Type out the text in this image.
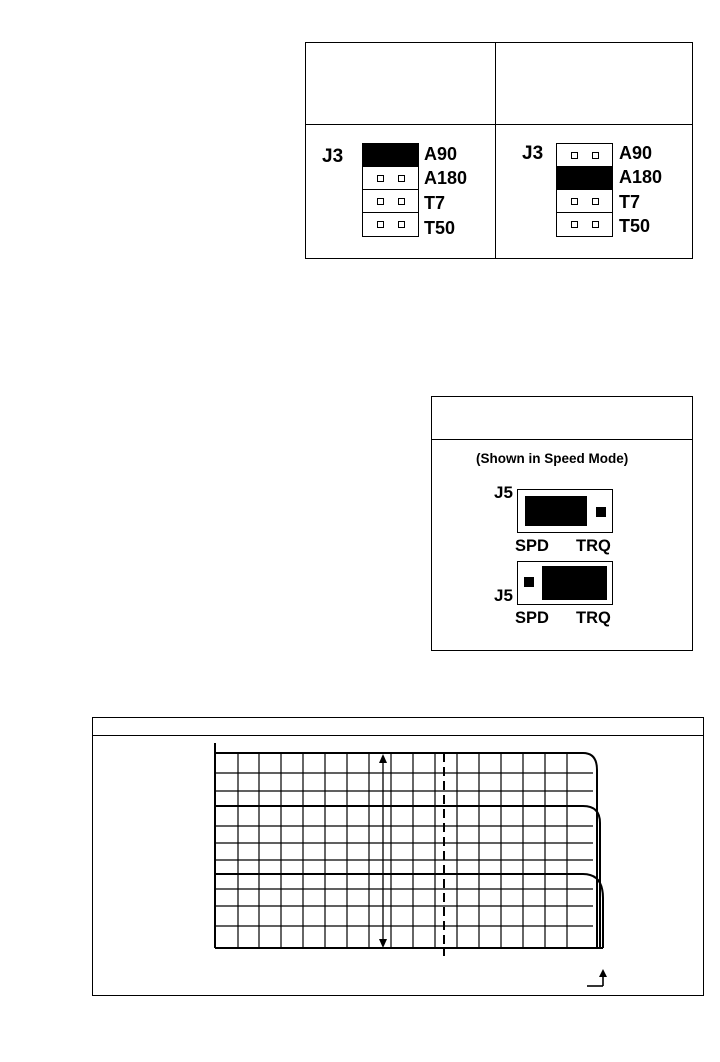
J3	A90
A180
T7
T50
J3	A90
A180
T7
T50
(Shown in Speed Mode)
J5
SPD TRQ
J5
SPD TRQ
